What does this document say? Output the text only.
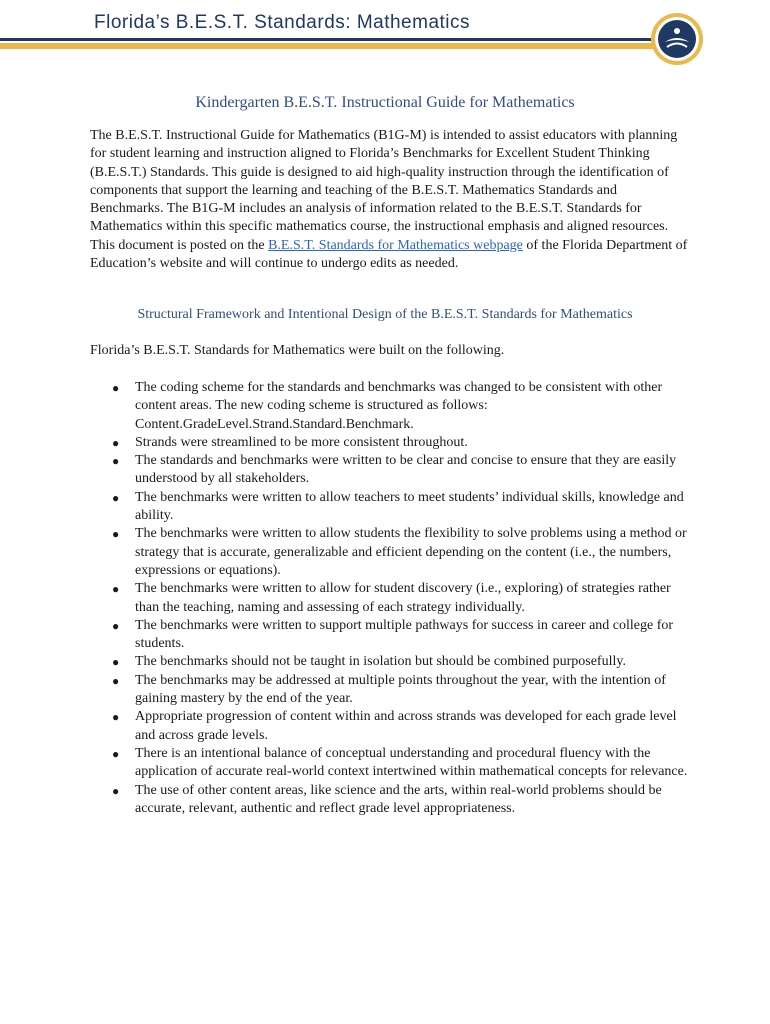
Florida’s B.E.S.T. Standards: Mathematics
Kindergarten B.E.S.T. Instructional Guide for Mathematics

The B.E.S.T. Instructional Guide for Mathematics (B1G-M) is intended to assist educators with planning for student learning and instruction aligned to Florida’s Benchmarks for Excellent Student Thinking (B.E.S.T.) Standards. This guide is designed to aid high-quality instruction through the identification of components that support the learning and teaching of the B.E.S.T. Mathematics Standards and Benchmarks. The B1G-M includes an analysis of information related to the B.E.S.T. Standards for Mathematics within this specific mathematics course, the instructional emphasis and aligned resources. This document is posted on the B.E.S.T. Standards for Mathematics webpage of the Florida Department of Education’s website and will continue to undergo edits as needed.

Structural Framework and Intentional Design of the B.E.S.T. Standards for Mathematics

Florida’s B.E.S.T. Standards for Mathematics were built on the following.

● The coding scheme for the standards and benchmarks was changed to be consistent with other content areas. The new coding scheme is structured as follows: Content.GradeLevel.Strand.Standard.Benchmark.
● Strands were streamlined to be more consistent throughout.
● The standards and benchmarks were written to be clear and concise to ensure that they are easily understood by all stakeholders.
● The benchmarks were written to allow teachers to meet students’ individual skills, knowledge and ability.
● The benchmarks were written to allow students the flexibility to solve problems using a method or strategy that is accurate, generalizable and efficient depending on the content (i.e., the numbers, expressions or equations).
● The benchmarks were written to allow for student discovery (i.e., exploring) of strategies rather than the teaching, naming and assessing of each strategy individually.
● The benchmarks were written to support multiple pathways for success in career and college for students.
● The benchmarks should not be taught in isolation but should be combined purposefully.
● The benchmarks may be addressed at multiple points throughout the year, with the intention of gaining mastery by the end of the year.
● Appropriate progression of content within and across strands was developed for each grade level and across grade levels.
● There is an intentional balance of conceptual understanding and procedural fluency with the application of accurate real-world context intertwined within mathematical concepts for relevance.
● The use of other content areas, like science and the arts, within real-world problems should be accurate, relevant, authentic and reflect grade level appropriateness.
